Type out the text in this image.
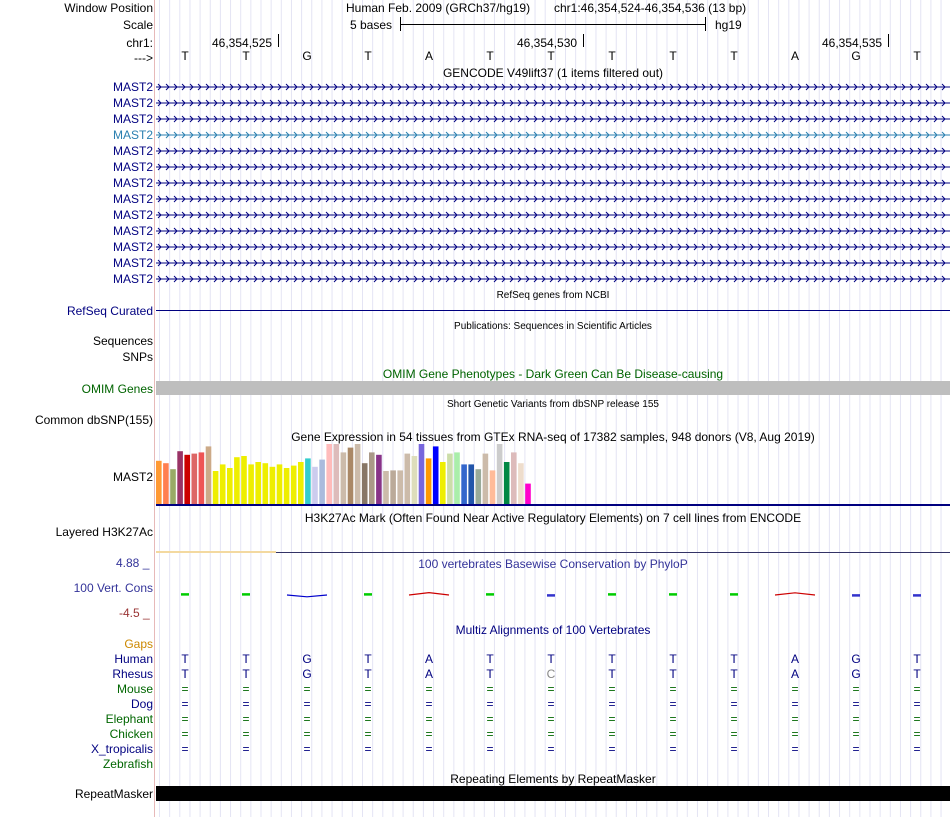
Window Position	Human Feb. 2009 (GRCh37/hg19) chr1:46,354,524-46,354,536 (13 bp)
Scale	5 bases	hg19
chr1:	46,354,525	46,354,530	46,354,535
--->	T	T	G	T	A	T	T	T	T	T	A	G	T
GENCODE V49lift37 (1 items filtered out)
MAST2
MAST2
MAST2
MAST2
MAST2
MAST2
MAST2
MAST2
MAST2
MAST2
MAST2
MAST2
MAST2
RefSeq genes from NCBI
RefSeq Curated
Publications: Sequences in Scientific Articles
Sequences
SNPs
OMIM Gene Phenotypes - Dark Green Can Be Disease-causing
OMIM Genes
Short Genetic Variants from dbSNP release 155
Common dbSNP(155)
Gene Expression in 54 tissues from GTEx RNA-seq of 17382 samples, 948 donors (V8, Aug 2019)
MAST2
H3K27Ac Mark (Often Found Near Active Regulatory Elements) on 7 cell lines from ENCODE
Layered H3K27Ac
100 vertebrates Basewise Conservation by PhyloP
4.88 _
100 Vert. Cons
-4.5 _
Multiz Alignments of 100 Vertebrates
Gaps
Human	T	T	G	T	A	T	T	T	T	T	A	G	T
Rhesus	T	T	G	T	A	T	C	T	T	T	A	G	T
Mouse	=	=	=	=	=	=	=	=	=	=	=	=	=
Dog	=	=	=	=	=	=	=	=	=	=	=	=	=
Elephant	=	=	=	=	=	=	=	=	=	=	=	=	=
Chicken	=	=	=	=	=	=	=	=	=	=	=	=	=
X_tropicalis	=	=	=	=	=	=	=	=	=	=	=	=	=
Zebrafish
Repeating Elements by RepeatMasker
RepeatMasker
